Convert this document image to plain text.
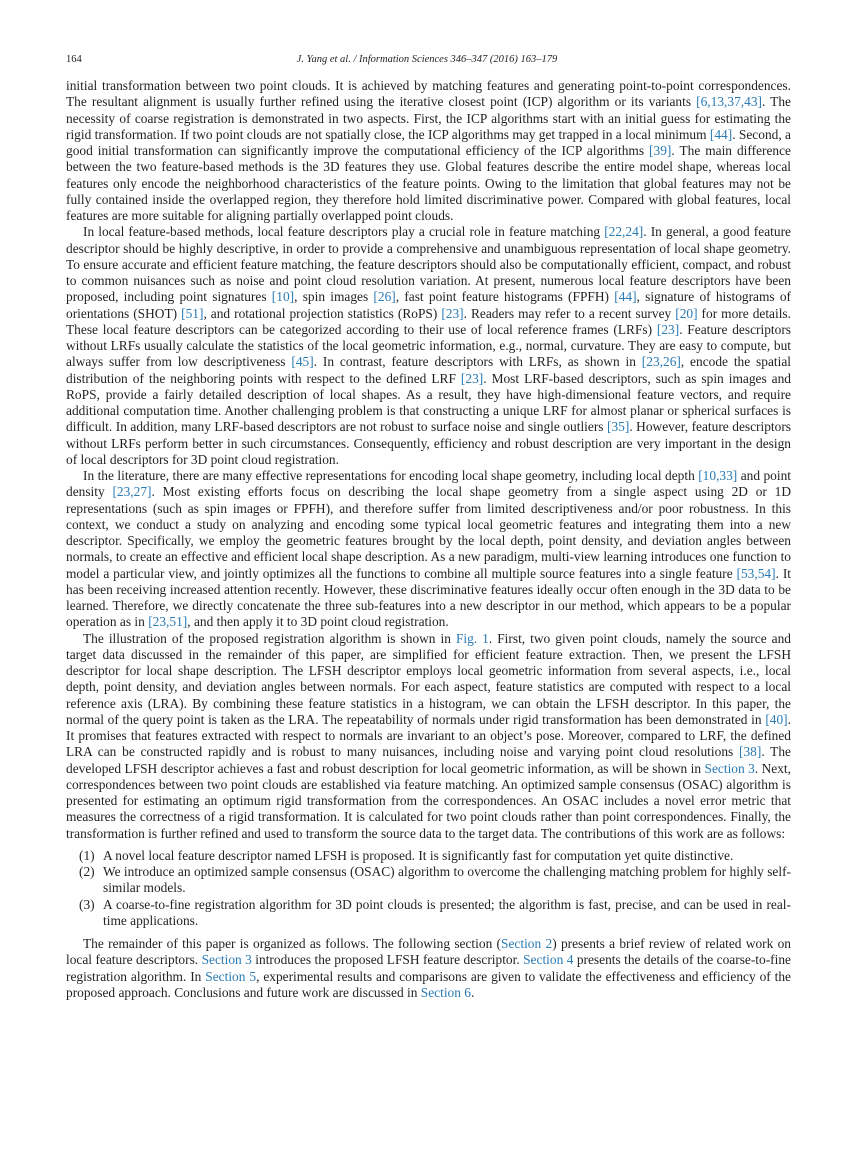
164	J. Yang et al. / Information Sciences 346–347 (2016) 163–179

initial transformation between two point clouds. It is achieved by matching features and generating point-to-point correspondences. The resultant alignment is usually further refined using the iterative closest point (ICP) algorithm or its variants [6,13,37,43]. The necessity of coarse registration is demonstrated in two aspects. First, the ICP algorithms start with an initial guess for estimating the rigid transformation. If two point clouds are not spatially close, the ICP algorithms may get trapped in a local minimum [44]. Second, a good initial transformation can significantly improve the computational efficiency of the ICP algorithms [39]. The main difference between the two feature-based methods is the 3D features they use. Global features describe the entire model shape, whereas local features only encode the neighborhood characteristics of the feature points. Owing to the limitation that global features may not be fully contained inside the overlapped region, they therefore hold limited discriminative power. Compared with global features, local features are more suitable for aligning partially overlapped point clouds.

In local feature-based methods, local feature descriptors play a crucial role in feature matching [22,24]. In general, a good feature descriptor should be highly descriptive, in order to provide a comprehensive and unambiguous representation of local shape geometry. To ensure accurate and efficient feature matching, the feature descriptors should also be computationally efficient, compact, and robust to common nuisances such as noise and point cloud resolution variation. At present, numerous local feature descriptors have been proposed, including point signatures [10], spin images [26], fast point feature histograms (FPFH) [44], signature of histograms of orientations (SHOT) [51], and rotational projection statistics (RoPS) [23]. Readers may refer to a recent survey [20] for more details. These local feature descriptors can be categorized according to their use of local reference frames (LRFs) [23]. Feature descriptors without LRFs usually calculate the statistics of the local geometric information, e.g., normal, curvature. They are easy to compute, but always suffer from low descriptiveness [45]. In contrast, feature descriptors with LRFs, as shown in [23,26], encode the spatial distribution of the neighboring points with respect to the defined LRF [23]. Most LRF-based descriptors, such as spin images and RoPS, provide a fairly detailed description of local shapes. As a result, they have high-dimensional feature vectors, and require additional computation time. Another challenging problem is that constructing a unique LRF for almost planar or spherical surfaces is difficult. In addition, many LRF-based descriptors are not robust to surface noise and single outliers [35]. However, feature descriptors without LRFs perform better in such circumstances. Consequently, efficiency and robust description are very important in the design of local descriptors for 3D point cloud registration.

In the literature, there are many effective representations for encoding local shape geometry, including local depth [10,33] and point density [23,27]. Most existing efforts focus on describing the local shape geometry from a single aspect using 2D or 1D representations (such as spin images or FPFH), and therefore suffer from limited descriptiveness and/or poor robustness. In this context, we conduct a study on analyzing and encoding some typical local geometric features and integrating them into a new descriptor. Specifically, we employ the geometric features brought by the local depth, point density, and deviation angles between normals, to create an effective and efficient local shape description. As a new paradigm, multi-view learning introduces one function to model a particular view, and jointly optimizes all the functions to combine all multiple source features into a single feature [53,54]. It has been receiving increased attention recently. However, these discriminative features ideally occur often enough in the 3D data to be learned. Therefore, we directly concatenate the three sub-features into a new descriptor in our method, which appears to be a popular operation as in [23,51], and then apply it to 3D point cloud registration.

The illustration of the proposed registration algorithm is shown in Fig. 1. First, two given point clouds, namely the source and target data discussed in the remainder of this paper, are simplified for efficient feature extraction. Then, we present the LFSH descriptor for local shape description. The LFSH descriptor employs local geometric information from several aspects, i.e., local depth, point density, and deviation angles between normals. For each aspect, feature statistics are computed with respect to a local reference axis (LRA). By combining these feature statistics in a histogram, we can obtain the LFSH descriptor. In this paper, the normal of the query point is taken as the LRA. The repeatability of normals under rigid transformation has been demonstrated in [40]. It promises that features extracted with respect to normals are invariant to an object’s pose. Moreover, compared to LRF, the defined LRA can be constructed rapidly and is robust to many nuisances, including noise and varying point cloud resolutions [38]. The developed LFSH descriptor achieves a fast and robust description for local geometric information, as will be shown in Section 3. Next, correspondences between two point clouds are established via feature matching. An optimized sample consensus (OSAC) algorithm is presented for estimating an optimum rigid transformation from the correspondences. An OSAC includes a novel error metric that measures the correctness of a rigid transformation. It is calculated for two point clouds rather than point correspondences. Finally, the transformation is further refined and used to transform the source data to the target data. The contributions of this work are as follows:

(1) A novel local feature descriptor named LFSH is proposed. It is significantly fast for computation yet quite distinctive.
(2) We introduce an optimized sample consensus (OSAC) algorithm to overcome the challenging matching problem for highly self-similar models.
(3) A coarse-to-fine registration algorithm for 3D point clouds is presented; the algorithm is fast, precise, and can be used in real-time applications.

The remainder of this paper is organized as follows. The following section (Section 2) presents a brief review of related work on local feature descriptors. Section 3 introduces the proposed LFSH feature descriptor. Section 4 presents the details of the coarse-to-fine registration algorithm. In Section 5, experimental results and comparisons are given to validate the effectiveness and efficiency of the proposed approach. Conclusions and future work are discussed in Section 6.
